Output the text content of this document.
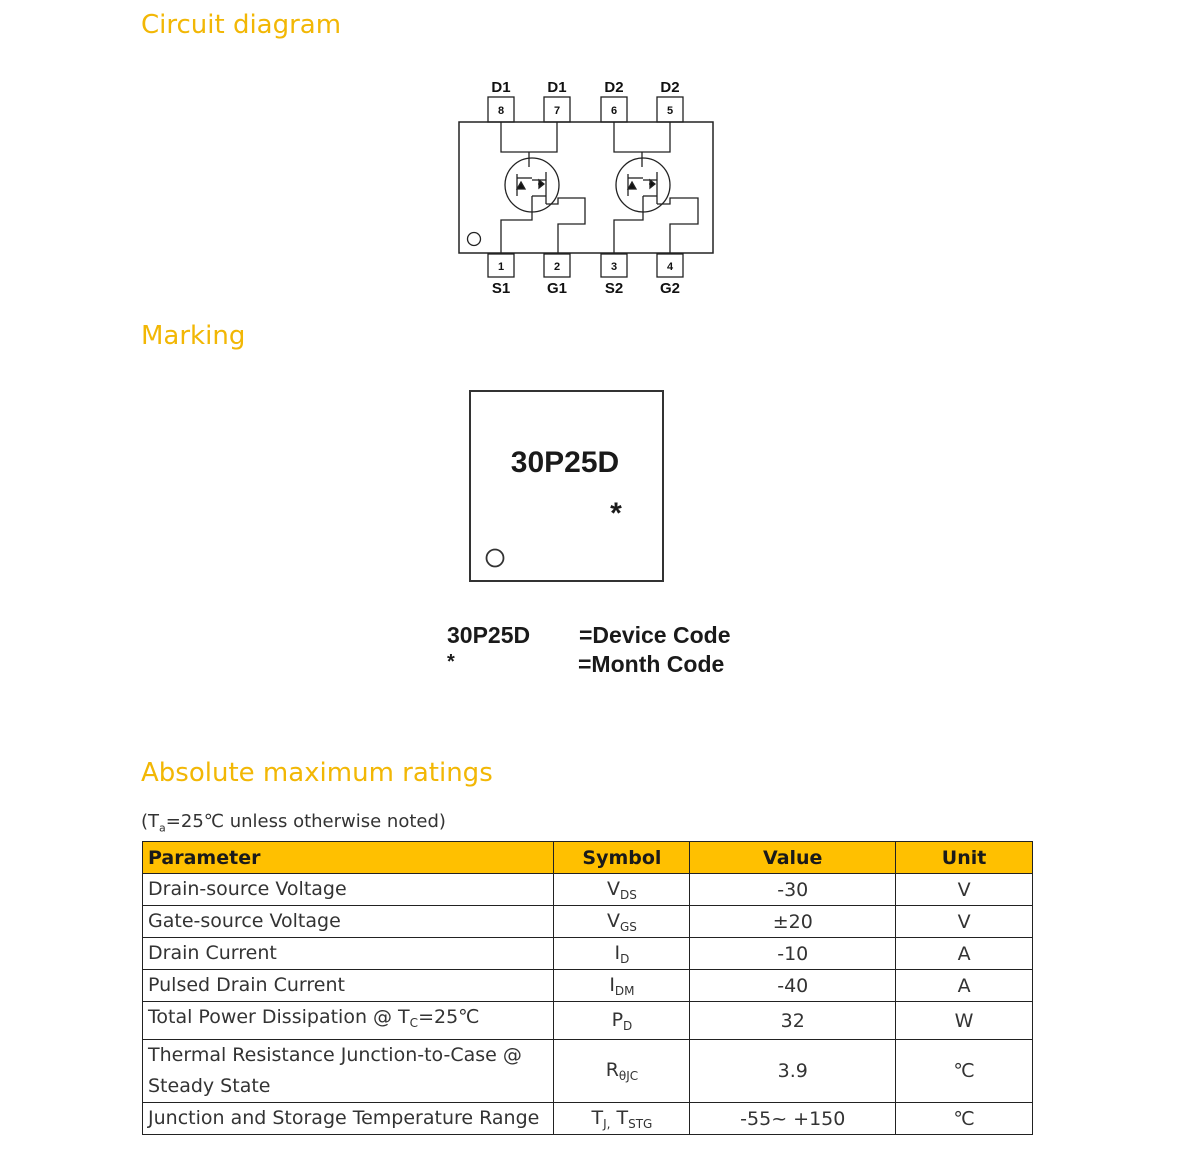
Circuit diagram
D1 D1	D2 D2
8	7	6	5
1	2	3	4
S1 G1	S2 G2
Marking
30P25D
*
30P25D =Device Code
*	=Month Code
Absolute maximum ratings
($T_a=25℃$ unless otherwise noted)
Parameter	Symbol	Value	Unit
Drain-source Voltage	$V_{DS}$	-30	V
Gate-source Voltage	$V_{GS}$	±20	V
Drain Current	$I_D$	-10	A
Pulsed Drain Current	$I_{DM}$	-40	A
Total Power Dissipation @ $T_C=25℃$	$P_D$	32	W

Thermal Resistance Junction-to-Case @
Steady State	$R_{\theta JC}$	3.9	℃
Junction and Storage Temperature Range	$T_{J,}$ $T_{STG}$	-55~ +150	℃
